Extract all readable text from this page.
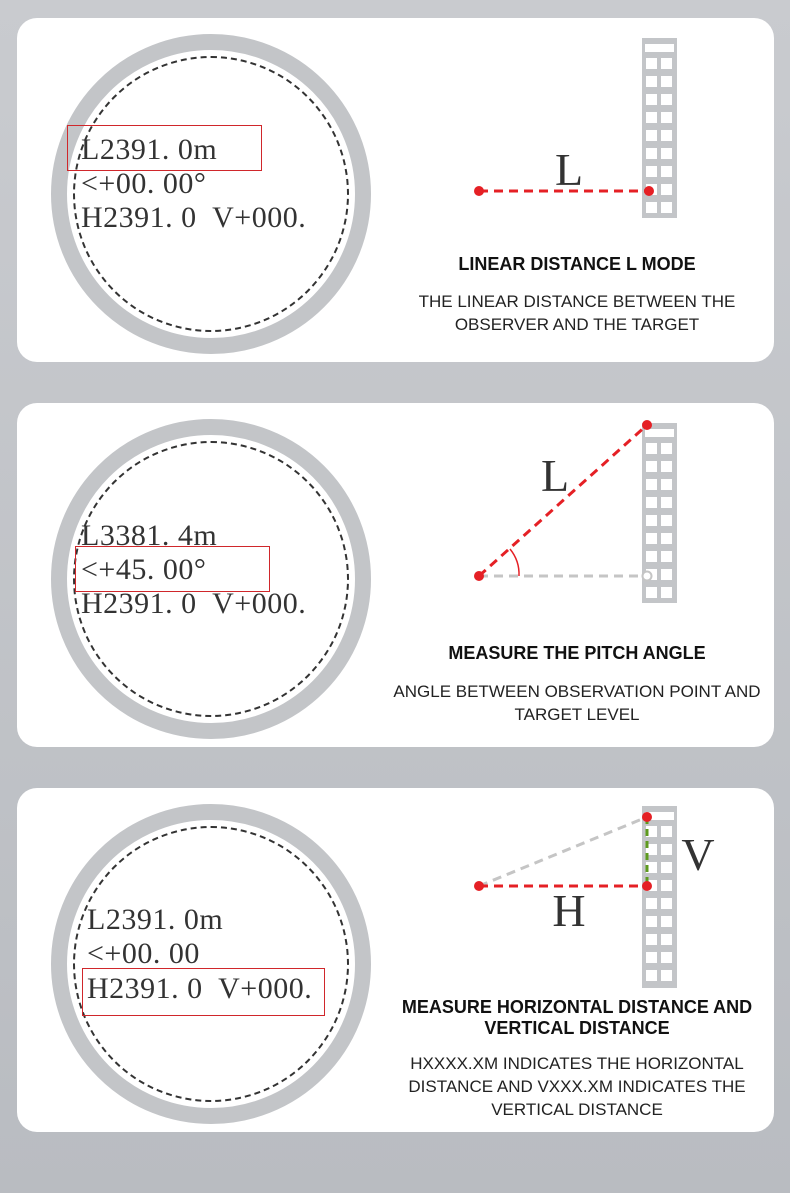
L2391. 0m
<+00. 00°
H2391. 0  V+000.
L
LINEAR DISTANCE L MODE
THE LINEAR DISTANCE BETWEEN THE OBSERVER AND THE TARGET
L3381. 4m
<+45. 00°
H2391. 0  V+000.
L
MEASURE THE PITCH ANGLE
ANGLE BETWEEN OBSERVATION POINT AND TARGET LEVEL
L2391. 0m
<+00. 00
H2391. 0  V+000.
V
H
MEASURE HORIZONTAL DISTANCE AND VERTICAL DISTANCE
HXXXX.XM INDICATES THE HORIZONTAL DISTANCE AND VXXX.XM INDICATES THE VERTICAL DISTANCE
